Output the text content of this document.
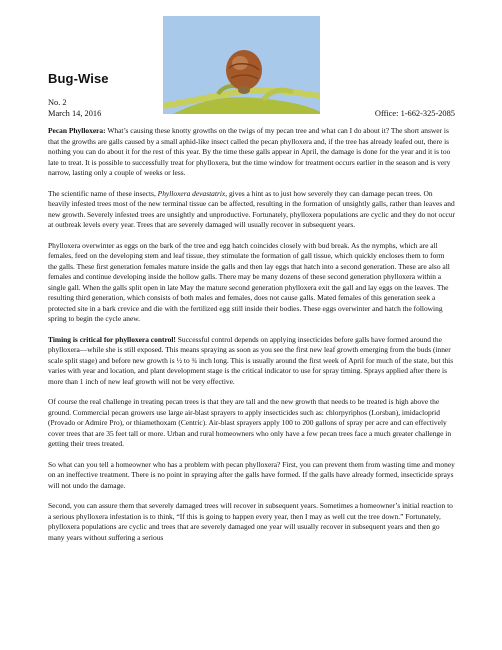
Bug-Wise
No. 2
March 14, 2016	Office: 1-662-325-2085

Pecan Phylloxera: What’s causing these knotty growths on the twigs of my pecan tree and what can I do about it? The short answer is that the growths are galls caused by a small aphid-like insect called the pecan phylloxera and, if the tree has already leafed out, there is nothing you can do about it for the rest of this year. By the time these galls appear in April, the damage is done for the year and it is too late to treat. It is possible to successfully treat for phylloxera, but the time window for treatment occurs earlier in the season and is very narrow, lasting only a couple of weeks or less.

The scientific name of these insects, Phylloxera devastatrix, gives a hint as to just how severely they can damage pecan trees. On heavily infested trees most of the new terminal tissue can be affected, resulting in the formation of unsightly galls, rather than leaves and new growth. Severely infested trees are unsightly and unproductive. Fortunately, phylloxera populations are cyclic and they do not occur at outbreak levels every year. Trees that are severely damaged will usually recover in subsequent years.

Phylloxera overwinter as eggs on the bark of the tree and egg hatch coincides closely with bud break. As the nymphs, which are all females, feed on the developing stem and leaf tissue, they stimulate the formation of gall tissue, which quickly encloses them to form the galls. These first generation females mature inside the galls and then lay eggs that hatch into a second generation. These are also all females and continue developing inside the hollow galls. There may be many dozens of these second generation phylloxera within a single gall. When the galls split open in late May the mature second generation phylloxera exit the gall and lay eggs on the leaves. The resulting third generation, which consists of both males and females, does not cause galls. Mated females of this generation seek a protected site in a bark crevice and die with the fertilized egg still inside their bodies. These eggs overwinter and hatch the following spring to begin the cycle anew.

Timing is critical for phylloxera control! Successful control depends on applying insecticides before galls have formed around the phylloxera—while she is still exposed. This means spraying as soon as you see the first new leaf growth emerging from the buds (inner scale split stage) and before new growth is ½ to ¾ inch long. This is usually around the first week of April for much of the state, but this varies with year and location, and plant development stage is the critical indicator to use for spray timing. Sprays applied after there is more than 1 inch of new leaf growth will not be very effective.

Of course the real challenge in treating pecan trees is that they are tall and the new growth that needs to be treated is high above the ground. Commercial pecan growers use large air-blast sprayers to apply insecticides such as: chlorpyriphos (Lorsban), imidacloprid (Provado or Admire Pro), or thiamethoxam (Centric). Air-blast sprayers apply 100 to 200 gallons of spray per acre and can effectively cover trees that are 35 feet tall or more. Urban and rural homeowners who only have a few pecan trees face a much greater challenge in getting their trees treated.

So what can you tell a homeowner who has a problem with pecan phylloxera? First, you can prevent them from wasting time and money on an ineffective treatment. There is no point in spraying after the galls have formed. If the galls have already formed, insecticide sprays will not undo the damage.

Second, you can assure them that severely damaged trees will recover in subsequent years. Sometimes a homeowner’s initial reaction to a serious phylloxera infestation is to think, “If this is going to happen every year, then I may as well cut the tree down.” Fortunately, phylloxera populations are cyclic and trees that are severely damaged one year will usually recover in subsequent years and then go many years without suffering a serious
